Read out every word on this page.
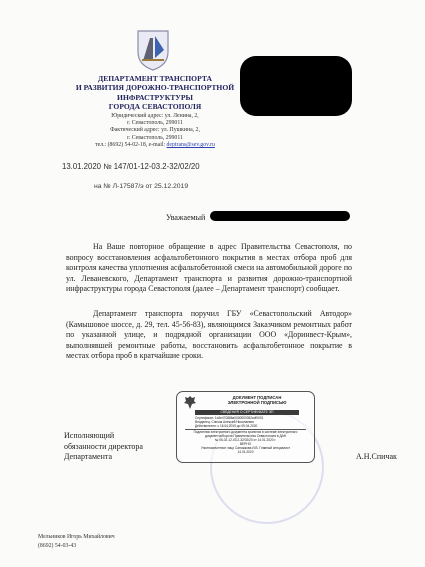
ДЕПАРТАМЕНТ ТРАНСПОРТА
И РАЗВИТИЯ ДОРОЖНО-ТРАНСПОРТНОЙ
ИНФРАСТРУКТУРЫ
ГОРОДА СЕВАСТОПОЛЯ
Юридический адрес: ул. Ленина, 2,
г. Севастополь, 299011
Фактический адрес: ул. Пушкина, 2,
г. Севастополь, 299011
тел.: (8692) 54-02-18, e-mail: deptrans@sev.gov.ru
13.01.2020 № 147/01-12-03.2-32/02/20
на № Л-17587/э от 25.12.2019
Уважаемый
На Ваше повторное обращение в адрес Правительства Севастополя, по вопросу восстановления асфальтобетонного покрытия в местах отбора проб для контроля качества уплотнения асфальтобетонной смеси на автомобильной дороге по ул. Леваневского, Департамент транспорта и развития дорожно-транспортной инфраструктуры города Севастополя (далее – Департамент транспорт) сообщает.
Департамент транспорта поручил ГБУ «Севастопольский Автодор» (Камышовое шоссе, д. 29, тел. 45-56-83), являющимся Заказчиком ремонтных работ по указанной улице, и подрядной организации ООО «Доринвест-Крым», выполнявшей ремонтные работы, восстановить асфальтобетонное покрытие в местах отбора проб в кратчайшие сроки.
Исполняющий
обязанности директора
Департамента
ДОКУМЕНТ ПОДПИСАН
ЭЛЕКТРОННОЙ ПОДПИСЬЮ
СВЕДЕНИЯ О СЕРТИФИКАТЕ ЭП
Сертификат: 1d4e470886a0000000052cdf0001
Владелец: Спичак Алексей Николаевич
Действителен: с 16.04.2019 до 09.04.2020
Подлинник электронного документа хранится в системе электронного
документооборота Правительства Севастополя в ДАН
№ 06-02-12-03.2-32/02/20 от 14.01.2020 г.
ВЕРНО
Уполномоченное лицо Сапожкова И.В. Главный специалист
14.01.2020	А.Н.Спичак
Мельников Игорь Михайлович
(8692) 54-03-43
